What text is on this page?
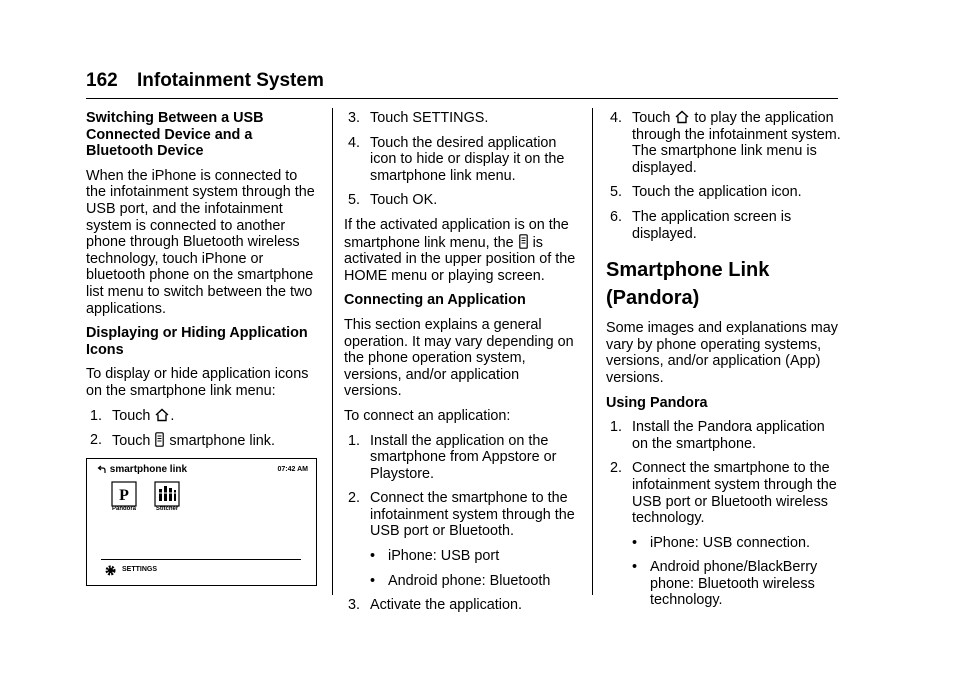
162 Infotainment System

Switching Between a USB Connected Device and a Bluetooth Device

When the iPhone is connected to the infotainment system through the USB port, and the infotainment system is connected to another phone through Bluetooth wireless technology, touch iPhone or bluetooth phone on the smartphone list menu to switch between the two applications.

Displaying or Hiding Application Icons

To display or hide application icons on the smartphone link menu:

1. Touch .
2. Touch smartphone link.
smartphone link	07:42 AM
P
Pandora	Stitcher
SETTINGS
3. Touch SETTINGS.
4. Touch the desired application icon to hide or display it on the smartphone link menu.
5. Touch OK.

If the activated application is on the smartphone link menu, the is activated in the upper position of the HOME menu or playing screen.

Connecting an Application

This section explains a general operation. It may vary depending on the phone operation system, versions, and/or application versions.

To connect an application:

1. Install the application on the smartphone from Appstore or Playstore.
2. Connect the smartphone to the infotainment system through the USB port or Bluetooth.
• iPhone: USB port
• Android phone: Bluetooth
3. Activate the application.
4. Touch to play the application through the infotainment system. The smartphone link menu is displayed.
5. Touch the application icon.
6. The application screen is displayed.
Smartphone Link (Pandora)

Some images and explanations may vary by phone operating systems, versions, and/or application (App) versions.

Using Pandora

1. Install the Pandora application on the smartphone.
2. Connect the smartphone to the infotainment system through the USB port or Bluetooth wireless technology.
• iPhone: USB connection.
• Android phone/BlackBerry phone: Bluetooth wireless technology.
